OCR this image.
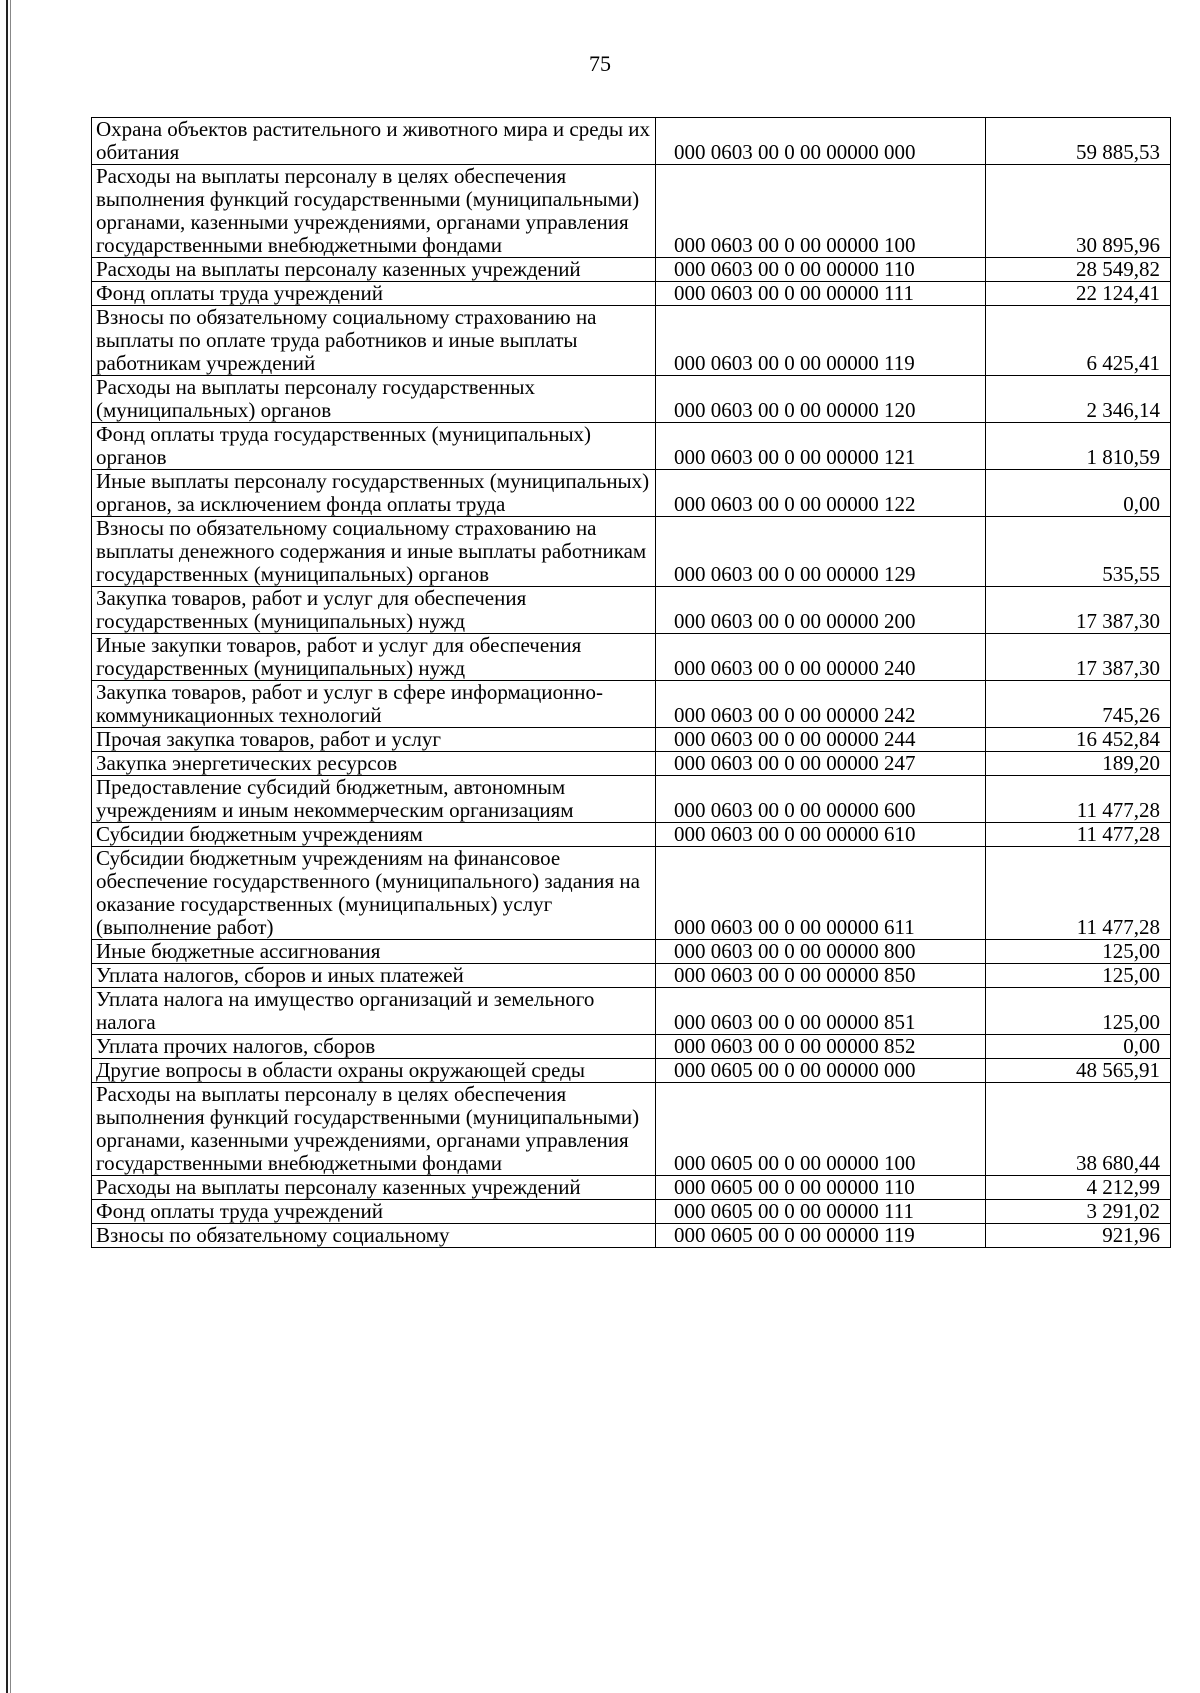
75
Охрана объектов растительного и животного мира и среды их обитания	000 0603 00 0 00 00000 000	59 885,53
Расходы на выплаты персоналу в целях обеспечения выполнения функций государственными (муниципальными) органами, казенными учреждениями, органами управления государственными внебюджетными фондами	000 0603 00 0 00 00000 100	30 895,96
Расходы на выплаты персоналу казенных учреждений	000 0603 00 0 00 00000 110	28 549,82
Фонд оплаты труда учреждений	000 0603 00 0 00 00000 111	22 124,41
Взносы по обязательному социальному страхованию на выплаты по оплате труда работников и иные выплаты работникам учреждений	000 0603 00 0 00 00000 119	6 425,41
Расходы на выплаты персоналу государственных (муниципальных) органов	000 0603 00 0 00 00000 120	2 346,14
Фонд оплаты труда государственных (муниципальных) органов	000 0603 00 0 00 00000 121	1 810,59
Иные выплаты персоналу государственных (муниципальных) органов, за исключением фонда оплаты труда	000 0603 00 0 00 00000 122	0,00
Взносы по обязательному социальному страхованию на выплаты денежного содержания и иные выплаты работникам государственных (муниципальных) органов	000 0603 00 0 00 00000 129	535,55
Закупка товаров, работ и услуг для обеспечения государственных (муниципальных) нужд	000 0603 00 0 00 00000 200	17 387,30
Иные закупки товаров, работ и услуг для обеспечения государственных (муниципальных) нужд	000 0603 00 0 00 00000 240	17 387,30
Закупка товаров, работ и услуг в сфере информационно-коммуникационных технологий	000 0603 00 0 00 00000 242	745,26
Прочая закупка товаров, работ и услуг	000 0603 00 0 00 00000 244	16 452,84
Закупка энергетических ресурсов	000 0603 00 0 00 00000 247	189,20
Предоставление субсидий бюджетным, автономным учреждениям и иным некоммерческим организациям	000 0603 00 0 00 00000 600	11 477,28
Субсидии бюджетным учреждениям	000 0603 00 0 00 00000 610	11 477,28
Субсидии бюджетным учреждениям на финансовое обеспечение государственного (муниципального) задания на оказание государственных (муниципальных) услуг (выполнение работ)	000 0603 00 0 00 00000 611	11 477,28
Иные бюджетные ассигнования	000 0603 00 0 00 00000 800	125,00
Уплата налогов, сборов и иных платежей	000 0603 00 0 00 00000 850	125,00
Уплата налога на имущество организаций и земельного налога	000 0603 00 0 00 00000 851	125,00
Уплата прочих налогов, сборов	000 0603 00 0 00 00000 852	0,00
Другие вопросы в области охраны окружающей среды	000 0605 00 0 00 00000 000	48 565,91
Расходы на выплаты персоналу в целях обеспечения выполнения функций государственными (муниципальными) органами, казенными учреждениями, органами управления государственными внебюджетными фондами	000 0605 00 0 00 00000 100	38 680,44
Расходы на выплаты персоналу казенных учреждений	000 0605 00 0 00 00000 110	4 212,99
Фонд оплаты труда учреждений	000 0605 00 0 00 00000 111	3 291,02
Взносы по обязательному социальному	000 0605 00 0 00 00000 119	921,96
